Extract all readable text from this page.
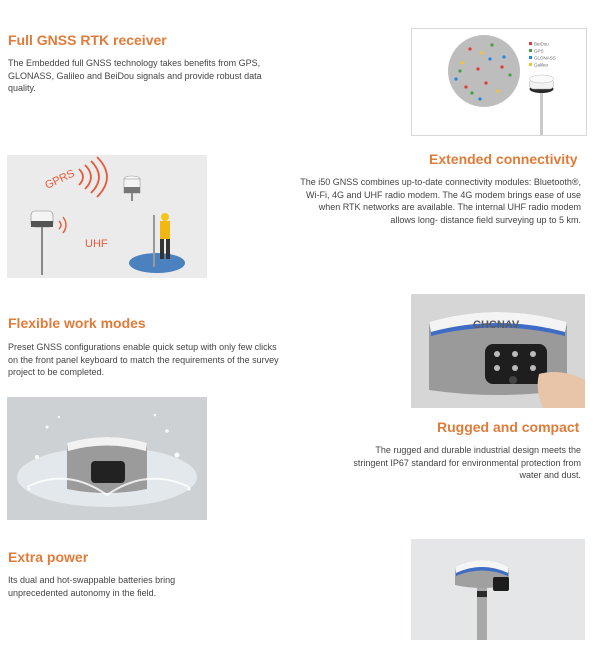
Full GNSS RTK receiver

The Embedded full GNSS technology takes benefits from GPS, GLONASS, Galileo and BeiDou signals and provide robust data quality.

BeiDou
GPS
GLONASS
Galileo
GPRS
UHF
Extended connectivity

The i50 GNSS combines up-to-date connectivity modules: Bluetooth®, Wi-Fi, 4G and UHF radio modem. The 4G modem brings ease of use when RTK networks are available. The internal UHF radio modem allows long- distance field surveying up to 5 km.

Flexible work modes

Preset GNSS configurations enable quick setup with only few clicks on the front panel keyboard to match the requirements of the survey project to be completed.

CHCNAV
Rugged and compact

The rugged and durable industrial design meets the stringent IP67 standard for environmental protection from water and dust.

Extra power

Its dual and hot-swappable batteries bring unprecedented autonomy in the field.
